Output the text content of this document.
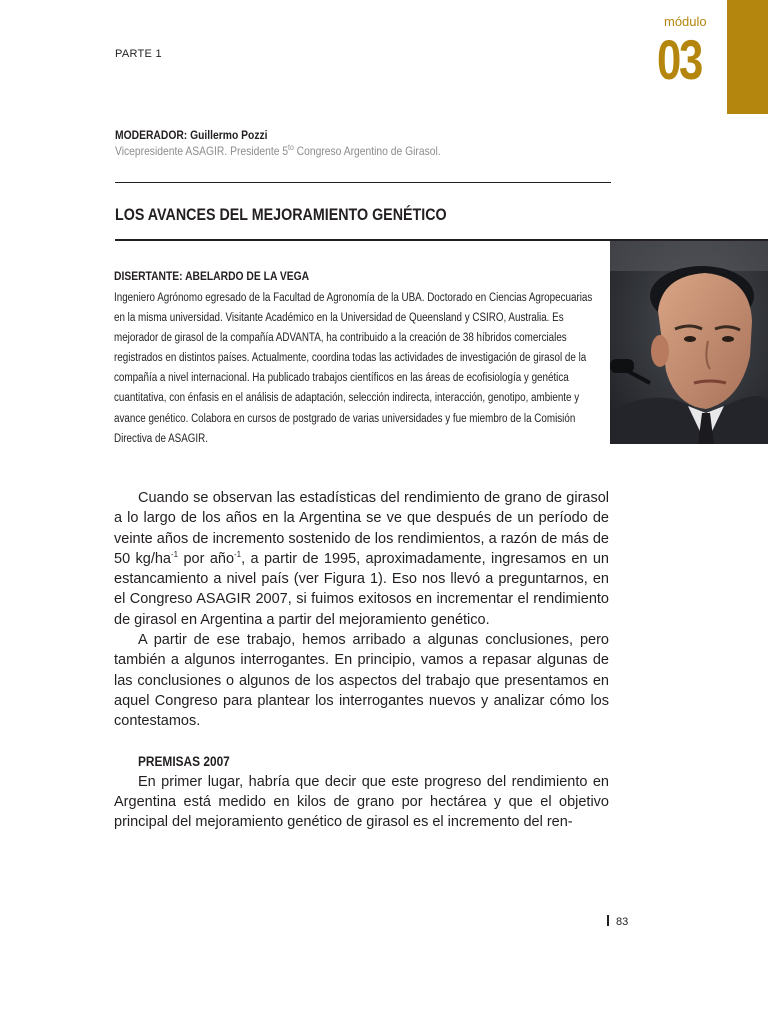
módulo
03
PARTE 1
MODERADOR: Guillermo Pozzi
Vicepresidente ASAGIR. Presidente $5^{to}$ Congreso Argentino de Girasol.
LOS AVANCES DEL MEJORAMIENTO GENÉTICO
DISERTANTE: ABELARDO DE LA VEGA
Ingeniero Agrónomo egresado de la Facultad de Agronomía de la UBA. Doctorado en Ciencias Agropecuarias en la misma universidad. Visitante Académico en la Universidad de Queensland y CSIRO, Australia. Es mejorador de girasol de la compañía ADVANTA, ha contribuido a la creación de 38 híbridos comerciales registrados en distintos países. Actualmente, coordina todas las actividades de investigación de girasol de la compañía a nivel internacional. Ha publicado trabajos científicos en las áreas de ecofisiología y genética cuantitativa, con énfasis en el análisis de adaptación, selección indirecta, interacción, genotipo, ambiente y avance genético. Colabora en cursos de postgrado de varias universidades y fue miembro de la Comisión Directiva de ASAGIR.

Cuando se observan las estadísticas del rendimiento de grano de girasol a lo largo de los años en la Argentina se ve que después de un período de veinte años de incremento sostenido de los rendimientos, a razón de más de 50 $kg/ha^{-1}$ por año$^{-1}$, a partir de 1995, aproximadamente, ingresamos en un estancamiento a nivel país (ver Figura 1). Eso nos llevó a preguntarnos, en el Congreso ASAGIR 2007, si fuimos exitosos en incrementar el rendimiento de girasol en Argentina a partir del mejoramiento genético.

A partir de ese trabajo, hemos arribado a algunas conclusiones, pero también a algunos interrogantes. En principio, vamos a repasar algunas de las conclusiones o algunos de los aspectos del trabajo que presentamos en aquel Congreso para plantear los interrogantes nuevos y analizar cómo los contestamos.

PREMISAS 2007

En primer lugar, habría que decir que este progreso del rendimiento en Argentina está medido en kilos de grano por hectárea y que el objetivo principal del mejoramiento genético de girasol es el incremento del ren-

83
